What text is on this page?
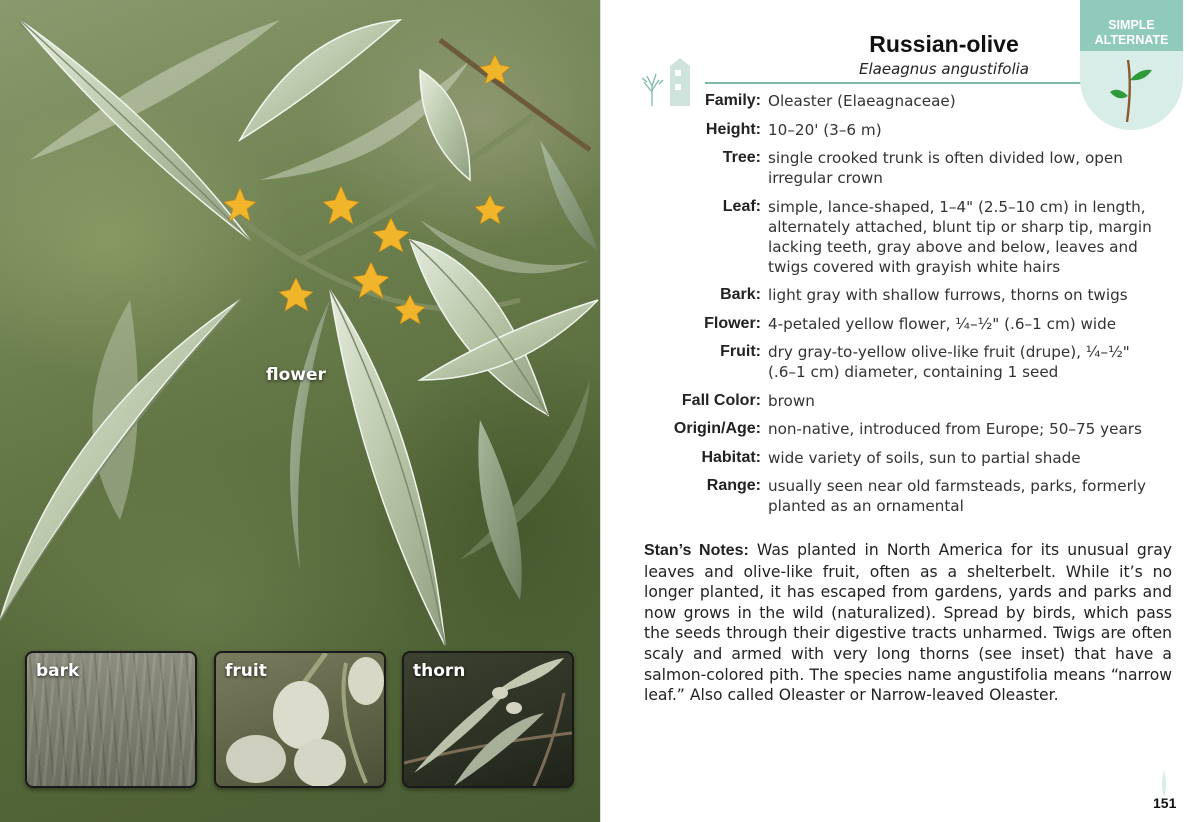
flower
bark	fruit	thorn
Russian-olive
Elaeagnus angustifolia
SIMPLE
ALTERNATE
Family: Oleaster (Elaeagnaceae)
Height: 10–20' (3–6 m)
Tree: single crooked trunk is often divided low, open irregular crown
Leaf: simple, lance-shaped, 1–4" (2.5–10 cm) in length, alternately attached, blunt tip or sharp tip, margin lacking teeth, gray above and below, leaves and twigs covered with grayish white hairs
Bark: light gray with shallow furrows, thorns on twigs
Flower: 4-petaled yellow flower, ¼–½" (.6–1 cm) wide
Fruit: dry gray-to-yellow olive-like fruit (drupe), ¼–½" (.6–1 cm) diameter, containing 1 seed
Fall Color: brown
Origin/Age: non-native, introduced from Europe; 50–75 years
Habitat: wide variety of soils, sun to partial shade
Range: usually seen near old farmsteads, parks, formerly planted as an ornamental
Stan’s Notes: Was planted in North America for its unusual gray leaves and olive-like fruit, often as a shelterbelt. While it’s no longer planted, it has escaped from gardens, yards and parks and now grows in the wild (naturalized). Spread by birds, which pass the seeds through their digestive tracts unharmed. Twigs are often scaly and armed with very long thorns (see inset) that have a salmon-colored pith. The species name angustifolia means “narrow leaf.” Also called Oleaster or Narrow-leaved Oleaster.
151
